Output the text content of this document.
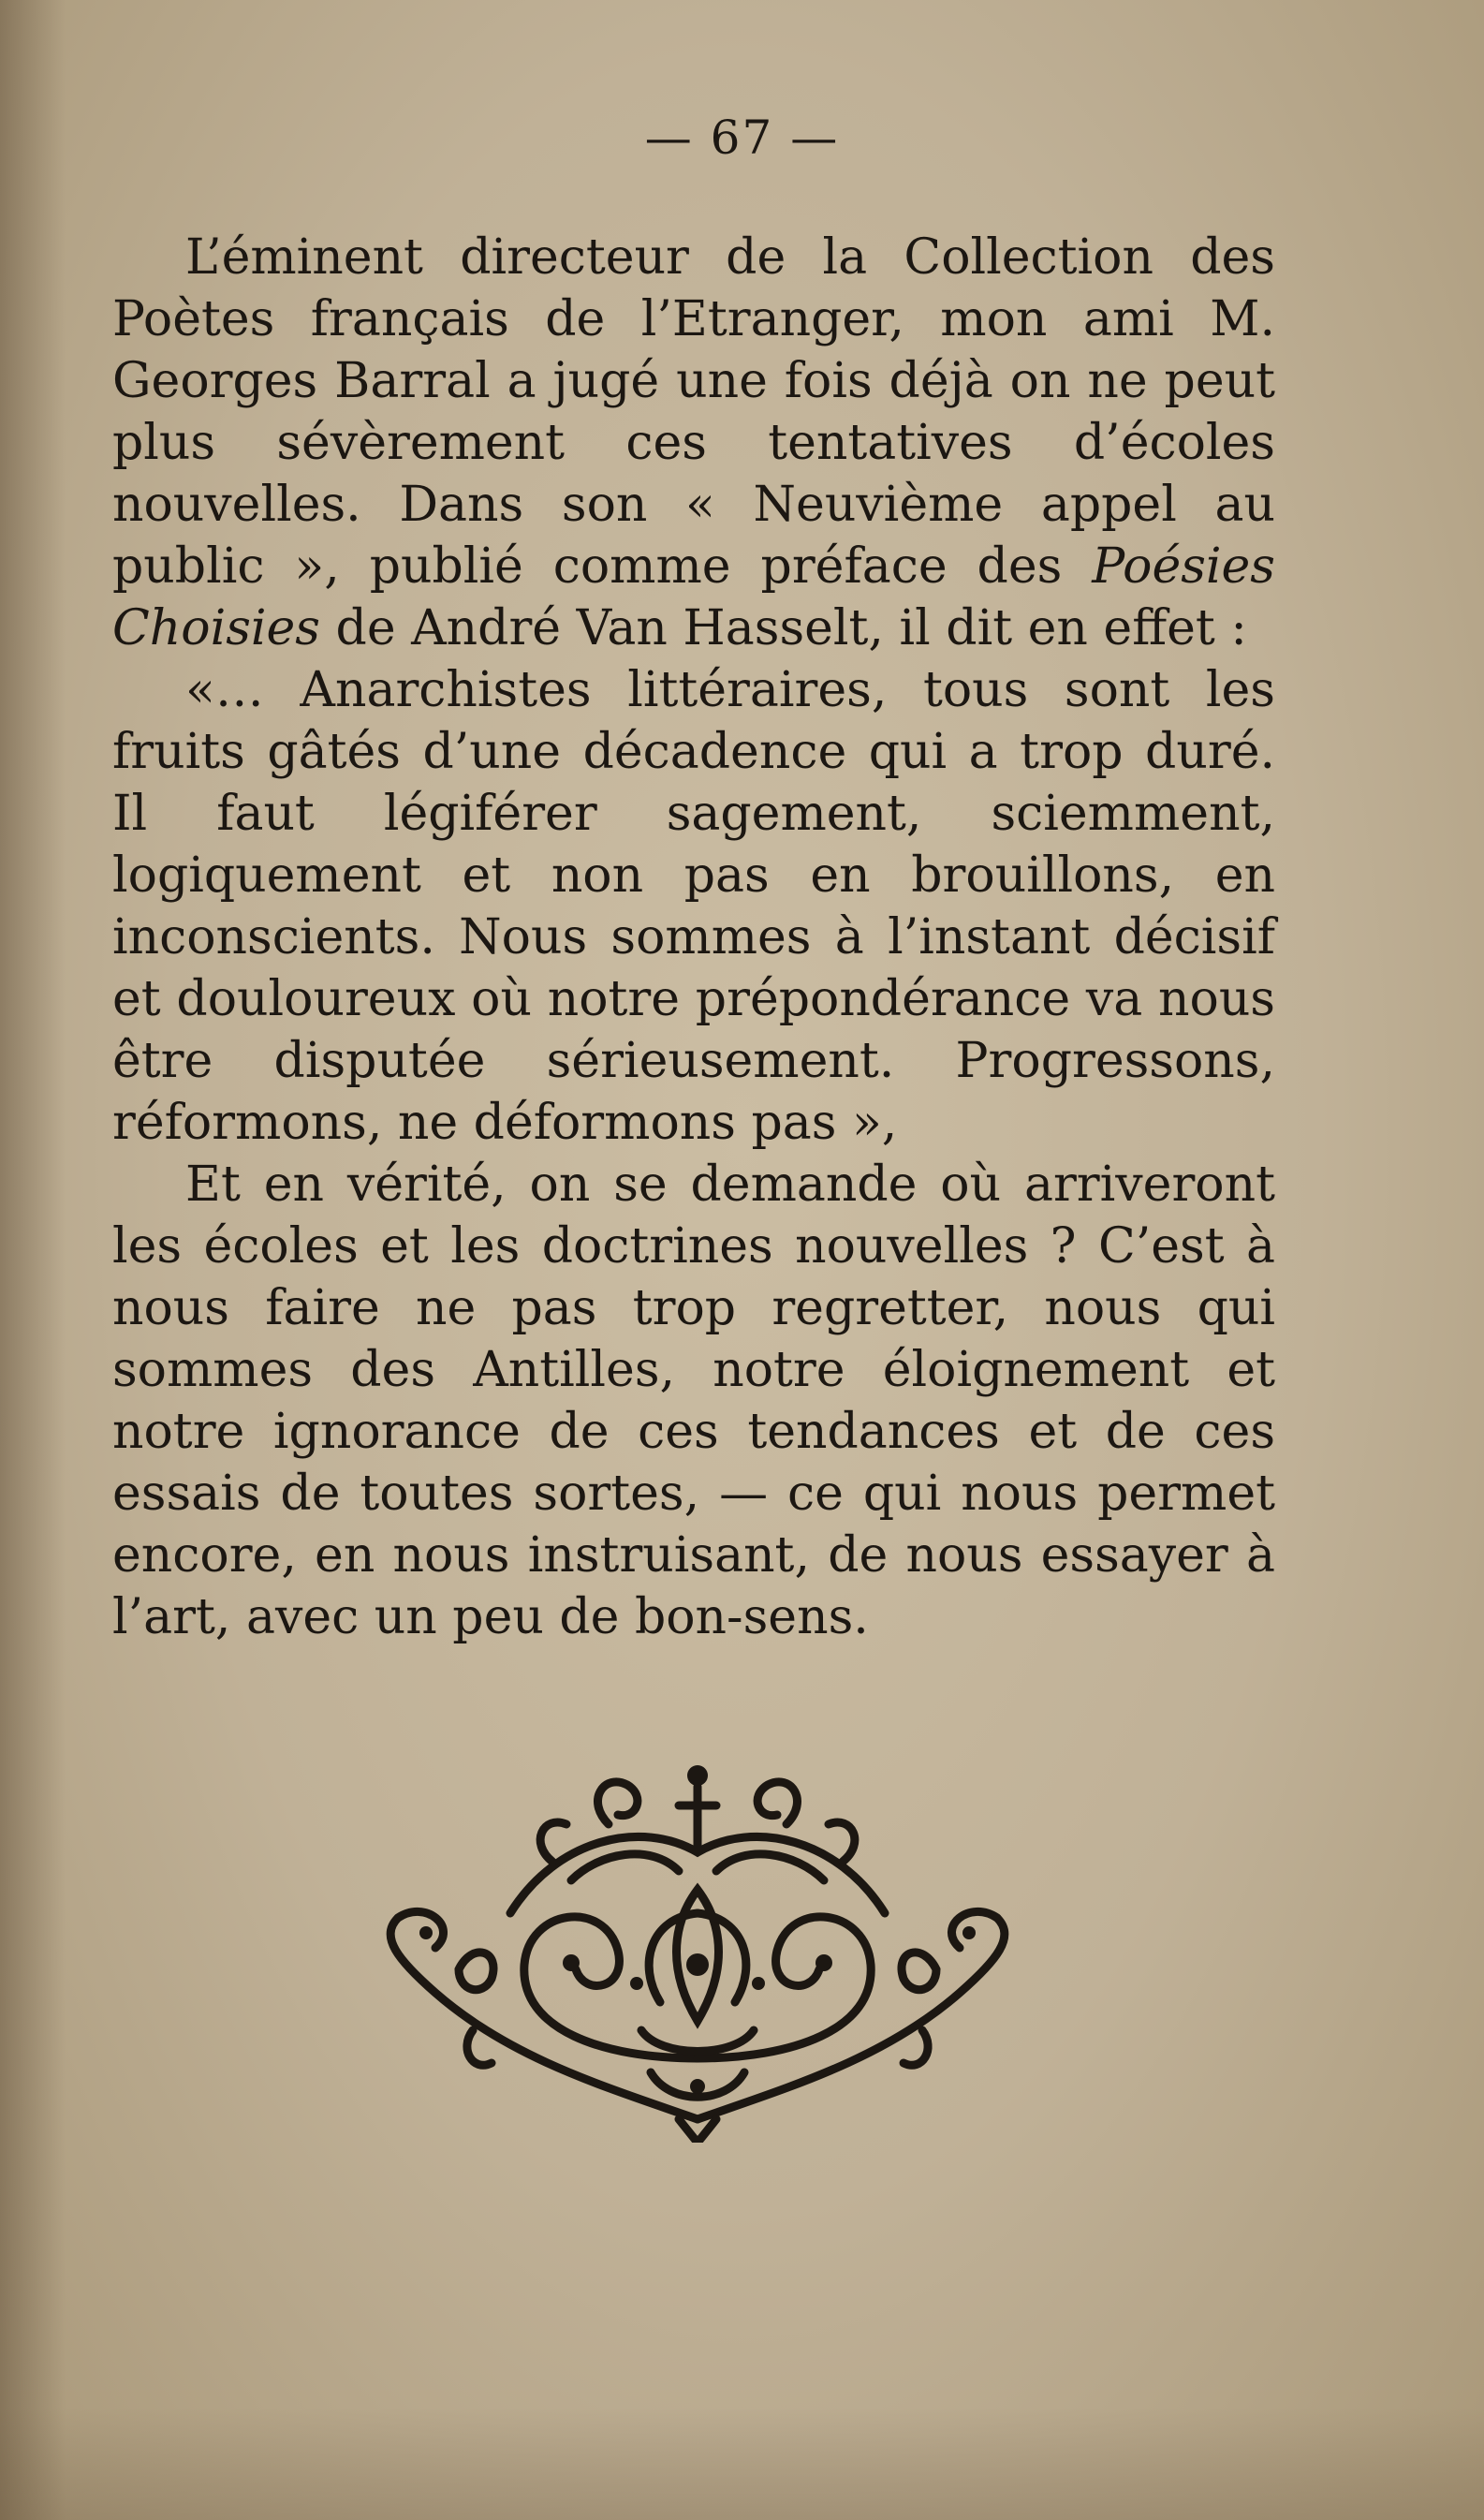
— 67 —

L’éminent directeur de la Collection des Poètes français de l’Etranger, mon ami M. Georges Barral a jugé une fois déjà on ne peut plus sévèrement ces tentatives d’écoles nouvelles. Dans son « Neuvième appel au public », publié comme préface des Poésies Choisies de André Van Hasselt, il dit en effet :

«… Anarchistes littéraires, tous sont les fruits gâtés d’une décadence qui a trop duré. Il faut légiférer sagement, sciemment, logiquement et non pas en brouillons, en inconscients. Nous sommes à l’instant décisif et douloureux où notre prépondérance va nous être disputée sérieusement. Progressons, réformons, ne déformons pas »,

Et en vérité, on se demande où arriveront les écoles et les doctrines nouvelles ? C’est à nous faire ne pas trop regretter, nous qui sommes des Antilles, notre éloignement et notre ignorance de ces tendances et de ces essais de toutes sortes, — ce qui nous permet encore, en nous instruisant, de nous essayer à l’art, avec un peu de bon-sens.
